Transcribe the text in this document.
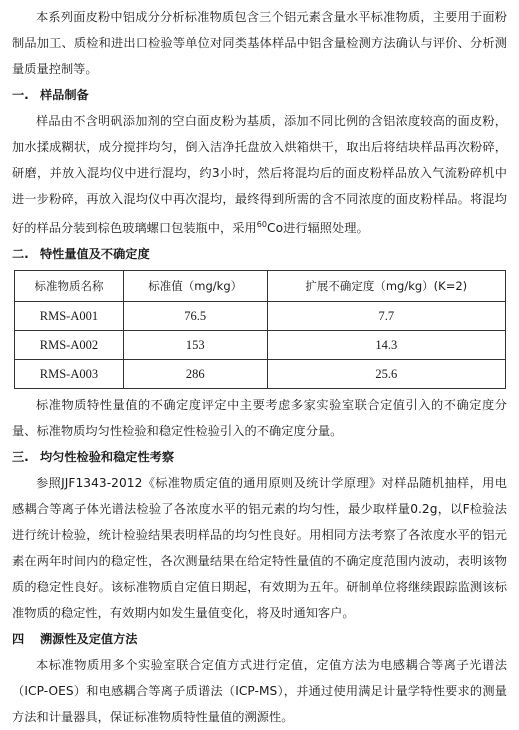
本系列面皮粉中铝成分分析标准物质包含三个铝元素含量水平标准物质，主要用于面粉制品加工、质检和进出口检验等单位对同类基体样品中铝含量检测方法确认与评价、分析测量质量控制等。

一. 样品制备

样品由不含明矾添加剂的空白面皮粉为基质，添加不同比例的含铝浓度较高的面皮粉，加水揉成糊状，成分搅拌均匀，倒入洁净托盘放入烘箱烘干，取出后将结块样品再次粉碎，研磨，并放入混均仪中进行混均，约3小时，然后将混均后的面皮粉样品放入气流粉碎机中进一步粉碎，再放入混均仪中再次混均，最终得到所需的含不同浓度的面皮粉样品。将混均好的样品分装到棕色玻璃螺口包装瓶中，采用$^{60}$Co进行辐照处理。

二. 特性量值及不确定度
标准物质名称	标准值（mg/kg）	扩展不确定度（mg/kg）(K=2)
RMS-A001	76.5	7.7
RMS-A002	153	14.3
RMS-A003	286	25.6

标准物质特性量值的不确定度评定中主要考虑多家实验室联合定值引入的不确定度分量、标准物质均匀性检验和稳定性检验引入的不确定度分量。

三. 均匀性检验和稳定性考察

参照JJF1343-2012《标准物质定值的通用原则及统计学原理》对样品随机抽样，用电感耦合等离子体光谱法检验了各浓度水平的铝元素的均匀性，最少取样量0.2g，以F检验法进行统计检验，统计检验结果表明样品的均匀性良好。用相同方法考察了各浓度水平的铝元素在两年时间内的稳定性，各次测量结果在给定特性量值的不确定度范围内波动，表明该物质的稳定性良好。该标准物质自定值日期起，有效期为五年。研制单位将继续跟踪监测该标准物质的稳定性，有效期内如发生量值变化，将及时通知客户。

四 溯源性及定值方法

本标准物质用多个实验室联合定值方式进行定值，定值方法为电感耦合等离子光谱法（ICP-OES）和电感耦合等离子质谱法（ICP-MS），并通过使用满足计量学特性要求的测量方法和计量器具，保证标准物质特性量值的溯源性。
